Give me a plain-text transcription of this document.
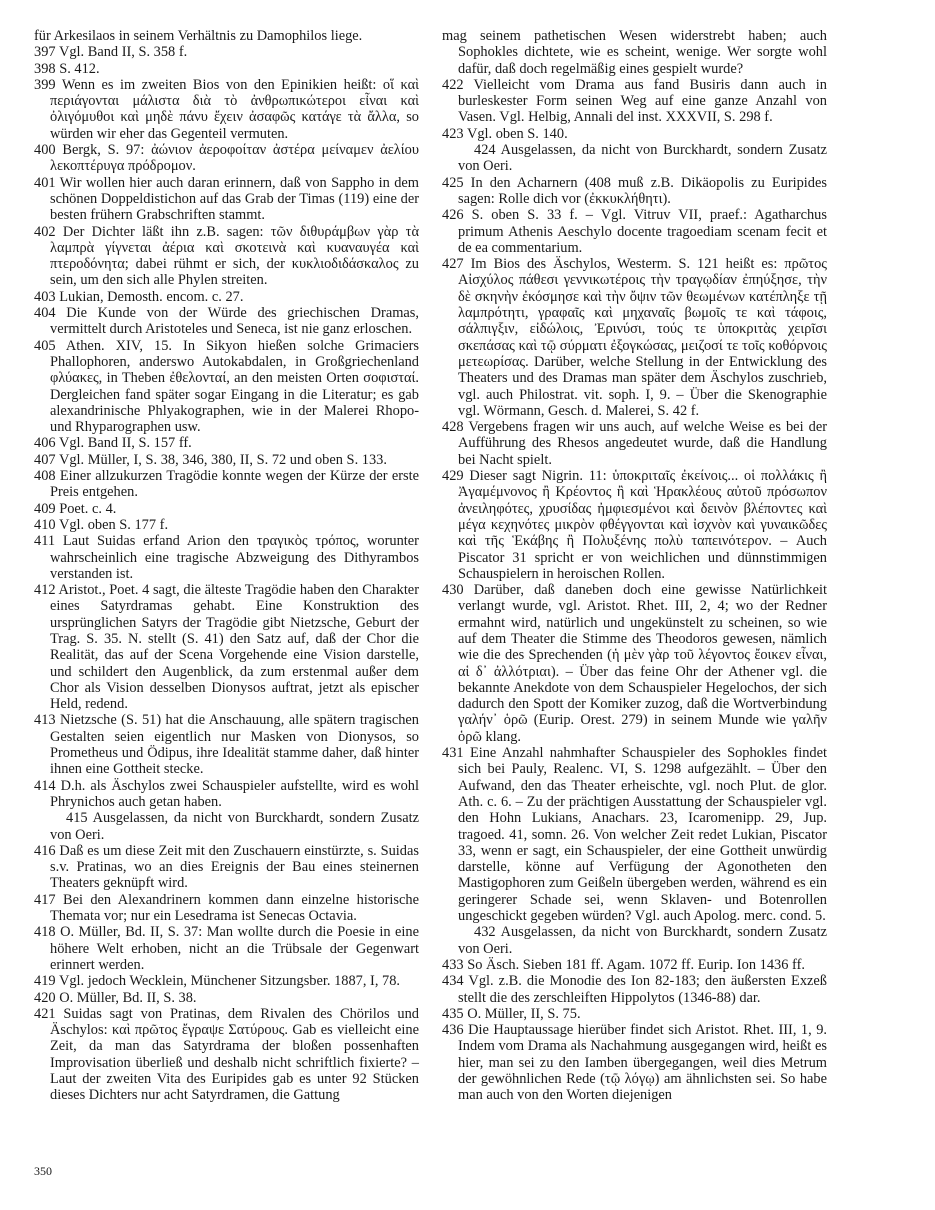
für Arkesilaos in seinem Verhältnis zu Damophilos liege.

397 Vgl. Band II, S. 358 f.

398 S. 412.

399 Wenn es im zweiten Bios von den Epinikien heißt: οἵ καὶ περιάγονται μάλιστα διὰ τὸ ἀνθρωπικώτεροι εἶναι καὶ ὀλιγόμυθοι καὶ μηδὲ πάνυ ἔχειν ἀσαφῶς κατάγε τὰ ἄλλα, so würden wir eher das Gegenteil vermuten.

400 Bergk, S. 97: ἀώνιον ἀεροφοίταν ἀστέρα μείναμεν ἀελίου λεκοπτέρυγα πρόδρομον.

401 Wir wollen hier auch daran erinnern, daß von Sappho in dem schönen Doppeldistichon auf das Grab der Timas (119) eine der besten frühern Grabschriften stammt.

402 Der Dichter läßt ihn z.B. sagen: τῶν διθυράμβων γὰρ τὰ λαμπρὰ γίγνεται ἀέρια καὶ σκοτεινὰ καὶ κυαναυγέα καὶ πτεροδόνητα; dabei rühmt er sich, der κυκλιοδιδάσκαλος zu sein, um den sich alle Phylen streiten.

403 Lukian, Demosth. encom. c. 27.

404 Die Kunde von der Würde des griechischen Dramas, vermittelt durch Aristoteles und Seneca, ist nie ganz erloschen.

405 Athen. XIV, 15. In Sikyon hießen solche Grimaciers Phallophoren, anderswo Autokabdalen, in Großgriechenland φλύακες, in Theben ἐθελονταί, an den meisten Orten σοφισταί. Dergleichen fand später sogar Eingang in die Literatur; es gab alexandrinische Phlyakographen, wie in der Malerei Rhopo- und Rhyparographen usw.

406 Vgl. Band II, S. 157 ff.

407 Vgl. Müller, I, S. 38, 346, 380, II, S. 72 und oben S. 133.

408 Einer allzukurzen Tragödie konnte wegen der Kürze der erste Preis entgehen.

409 Poet. c. 4.

410 Vgl. oben S. 177 f.

411 Laut Suidas erfand Arion den τραγικὸς τρόπος, worunter wahrscheinlich eine tragische Abzweigung des Dithyrambos verstanden ist.

412 Aristot., Poet. 4 sagt, die älteste Tragödie haben den Charakter eines Satyrdramas gehabt. Eine Konstruktion des ursprünglichen Satyrs der Tragödie gibt Nietzsche, Geburt der Trag. S. 35. N. stellt (S. 41) den Satz auf, daß der Chor die Realität, das auf der Scena Vorgehende eine Vision darstelle, und schildert den Augenblick, da zum erstenmal außer dem Chor als Vision desselben Dionysos auftrat, jetzt als epischer Held, redend.

413 Nietzsche (S. 51) hat die Anschauung, alle spätern tragischen Gestalten seien eigentlich nur Masken von Dionysos, so Prometheus und Ödipus, ihre Idealität stamme daher, daß hinter ihnen eine Gottheit stecke.

414 D.h. als Äschylos zwei Schauspieler aufstellte, wird es wohl Phrynichos auch getan haben.
415 Ausgelassen, da nicht von Burckhardt, sondern Zusatz von Oeri.

416 Daß es um diese Zeit mit den Zuschauern einstürzte, s. Suidas s.v. Pratinas, wo an dies Ereignis der Bau eines steinernen Theaters geknüpft wird.

417 Bei den Alexandrinern kommen dann einzelne historische Themata vor; nur ein Lesedrama ist Senecas Octavia.

418 O. Müller, Bd. II, S. 37: Man wollte durch die Poesie in eine höhere Welt erhoben, nicht an die Trübsale der Gegenwart erinnert werden.

419 Vgl. jedoch Wecklein, Münchener Sitzungsber. 1887, I, 78.

420 O. Müller, Bd. II, S. 38.

421 Suidas sagt von Pratinas, dem Rivalen des Chörilos und Äschylos: καὶ πρῶτος ἔγραψε Σατύρους. Gab es vielleicht eine Zeit, da man das Satyrdrama der bloßen possenhaften Improvisation überließ und deshalb nicht schriftlich fixierte? – Laut der zweiten Vita des Euripides gab es unter 92 Stücken dieses Dichters nur acht Satyrdramen, die Gattung

mag seinem pathetischen Wesen widerstrebt haben; auch Sophokles dichtete, wie es scheint, wenige. Wer sorgte wohl dafür, daß doch regelmäßig eines gespielt wurde?

422 Vielleicht vom Drama aus fand Busiris dann auch in burleskester Form seinen Weg auf eine ganze Anzahl von Vasen. Vgl. Helbig, Annali del inst. XXXVII, S. 298 f.

423 Vgl. oben S. 140.
424 Ausgelassen, da nicht von Burckhardt, sondern Zusatz von Oeri.

425 In den Acharnern (408 muß z.B. Dikäopolis zu Euripides sagen: Rolle dich vor (ἐκκυκλήθητι).

426 S. oben S. 33 f. – Vgl. Vitruv VII, praef.: Agatharchus primum Athenis Aeschylo docente tragoediam scenam fecit et de ea commentarium.

427 Im Bios des Äschylos, Westerm. S. 121 heißt es: πρῶτος Αἰσχύλος πάθεσι γεννικωτέροις τὴν τραγῳδίαν ἐπηύξησε, τὴν δὲ σκηνὴν ἐκόσμησε καὶ τὴν ὄψιν τῶν θεωμένων κατέπληξε τῇ λαμπρότητι, γραφαῖς καὶ μηχαναῖς βωμοῖς τε καὶ τάφοις, σάλπιγξιν, εἰδώλοις, Ἐρινύσι, τούς τε ὑποκριτὰς χειρῖσι σκεπάσας καὶ τῷ σύρματι ἐξογκώσας, μειζοσί τε τοῖς κοθόρνοις μετεωρίσας. Darüber, welche Stellung in der Entwicklung des Theaters und des Dramas man später dem Äschylos zuschrieb, vgl. auch Philostrat. vit. soph. I, 9. – Über die Skenographie vgl. Wörmann, Gesch. d. Malerei, S. 42 f.

428 Vergebens fragen wir uns auch, auf welche Weise es bei der Aufführung des Rhesos angedeutet wurde, daß die Handlung bei Nacht spielt.

429 Dieser sagt Nigrin. 11: ὑποκριταῖς ἐκείνοις... οἱ πολλάκις ἢ Ἀγαμέμνονος ἢ Κρέοντος ἢ καὶ Ἡρακλέους αὐτοῦ πρόσωπον ἀνειληφότες, χρυσίδας ἠμφιεσμένοι καὶ δεινὸν βλέποντες καὶ μέγα κεχηνότες μικρὸν φθέγγονται καὶ ἰσχνὸν καὶ γυναικῶδες καὶ τῆς Ἑκάβης ἢ Πολυξένης πολὺ ταπεινότερον. – Auch Piscator 31 spricht er von weichlichen und dünnstimmigen Schauspielern in heroischen Rollen.

430 Darüber, daß daneben doch eine gewisse Natürlichkeit verlangt wurde, vgl. Aristot. Rhet. III, 2, 4; wo der Redner ermahnt wird, natürlich und ungekünstelt zu scheinen, so wie auf dem Theater die Stimme des Theodoros gewesen, nämlich wie die des Sprechenden (ἡ μὲν γὰρ τοῦ λέγοντος ἔοικεν εἶναι, αἱ δ᾿ ἀλλότριαι). – Über das feine Ohr der Athener vgl. die bekannte Anekdote von dem Schauspieler Hegelochos, der sich dadurch den Spott der Komiker zuzog, daß die Wortverbindung γαλήν᾿ ὁρῶ (Eurip. Orest. 279) in seinem Munde wie γαλῆν ὁρῶ klang.

431 Eine Anzahl nahmhafter Schauspieler des Sophokles findet sich bei Pauly, Realenc. VI, S. 1298 aufgezählt. – Über den Aufwand, den das Theater erheischte, vgl. noch Plut. de glor. Ath. c. 6. – Zu der prächtigen Ausstattung der Schauspieler vgl. den Hohn Lukians, Anachars. 23, Icaromenipp. 29, Jup. tragoed. 41, somn. 26. Von welcher Zeit redet Lukian, Piscator 33, wenn er sagt, ein Schauspieler, der eine Gottheit unwürdig darstelle, könne auf Verfügung der Agonotheten den Mastigophoren zum Geißeln übergeben werden, während es ein geringerer Schade sei, wenn Sklaven- und Botenrollen ungeschickt gegeben würden? Vgl. auch Apolog. merc. cond. 5.
432 Ausgelassen, da nicht von Burckhardt, sondern Zusatz von Oeri.

433 So Äsch. Sieben 181 ff. Agam. 1072 ff. Eurip. Ion 1436 ff.

434 Vgl. z.B. die Monodie des Ion 82-183; den äußersten Exzeß stellt die des zerschleiften Hippolytos (1346-88) dar.

435 O. Müller, II, S. 75.

436 Die Hauptaussage hierüber findet sich Aristot. Rhet. III, 1, 9. Indem vom Drama als Nachahmung ausgegangen wird, heißt es hier, man sei zu den Iamben übergegangen, weil dies Metrum der gewöhnlichen Rede (τῷ λόγῳ) am ähnlichsten sei. So habe man auch von den Worten diejenigen

350
